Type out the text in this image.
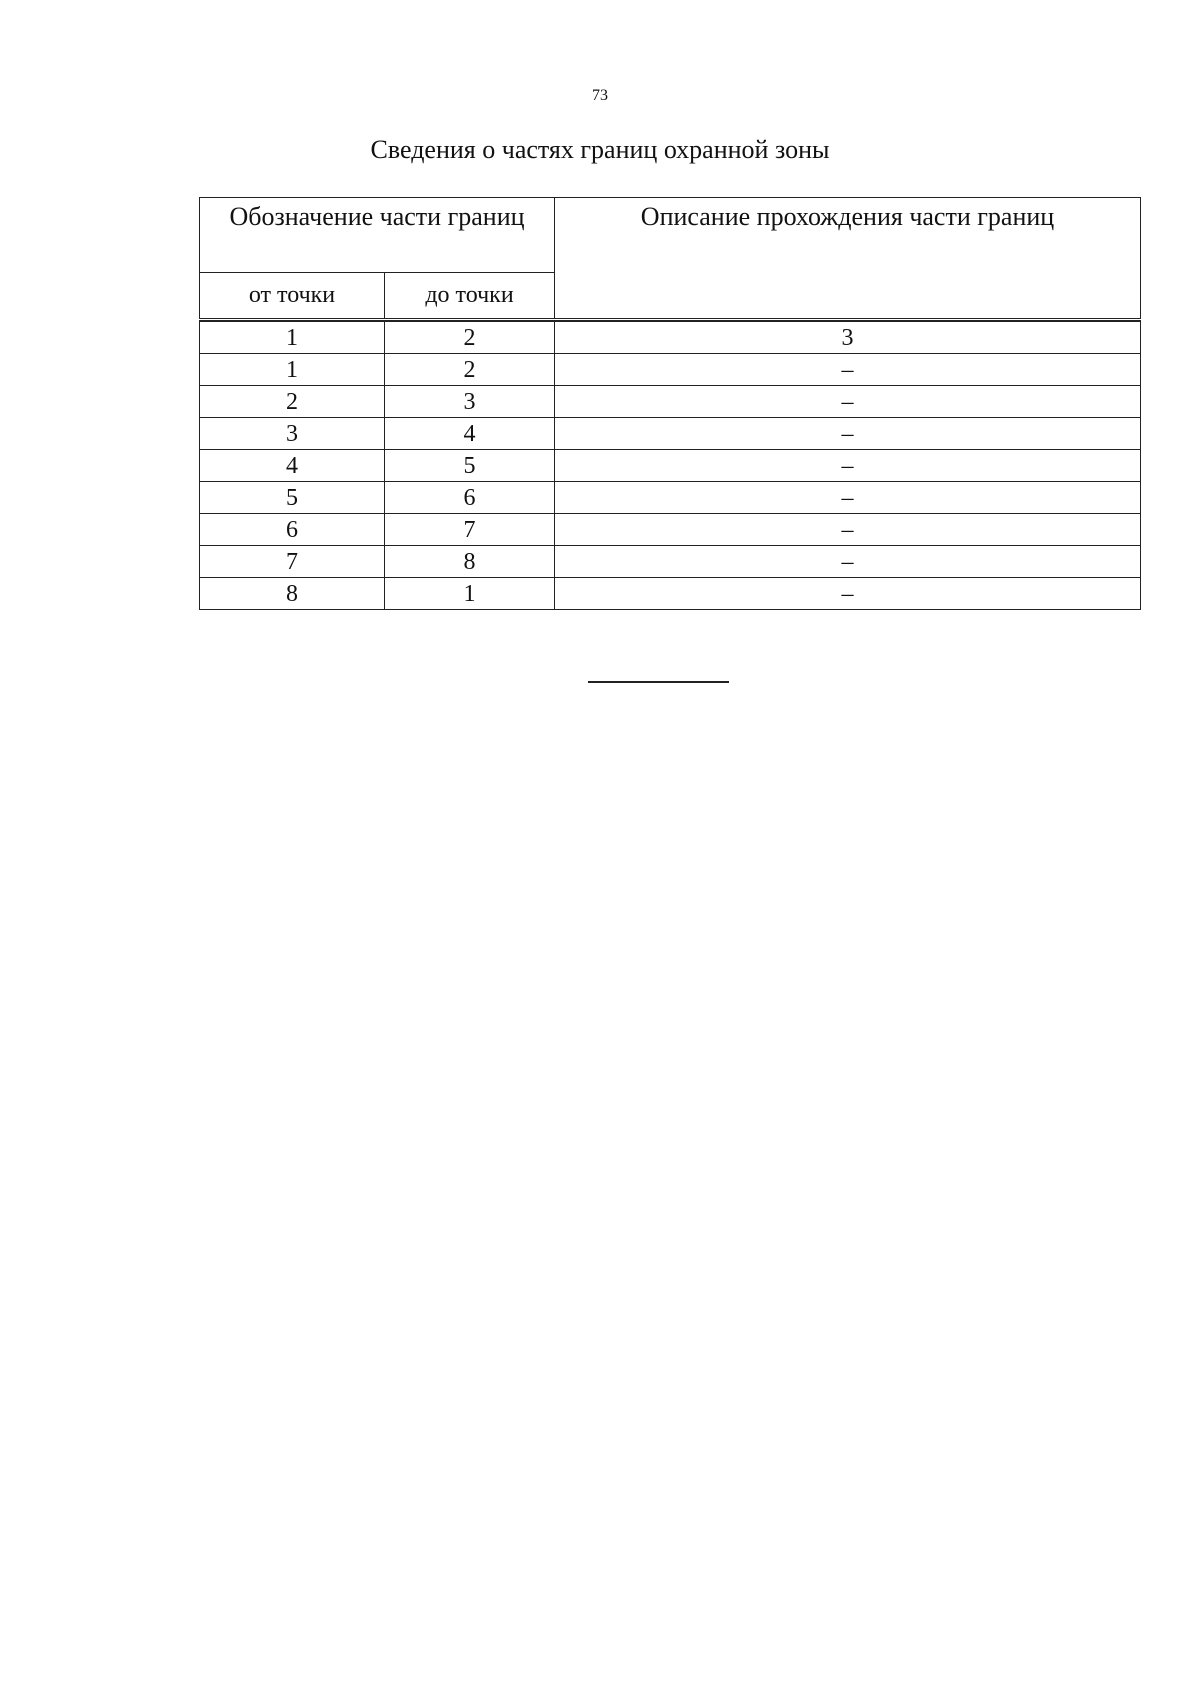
73
Сведения о частях границ охранной зоны
Обозначение части границ		Описание прохождения части границ
от точки	до точки	

1	2	3
1	2	–
2	3	–
3	4	–
4	5	–
5	6	–
6	7	–
7	8	–
8	1	–
